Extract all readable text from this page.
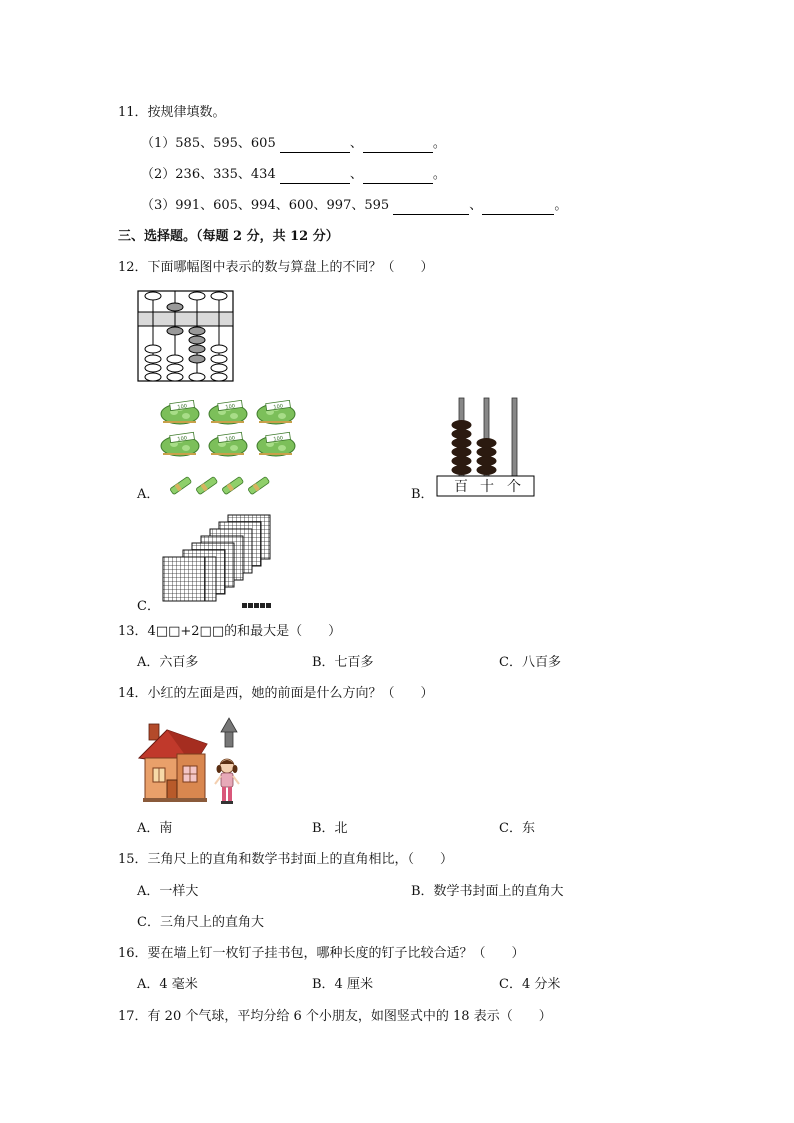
11．按规律填数。
（1）585、595、605	、	。
（2）236、335、434	、	。
（3）991、605、994、600、997、595	、	。
三、选择题。（每题 2 分，共 12 分）
12．下面哪幅图中表示的数与算盘上的不同？（　　）
A．	B． 百 十 个
C．
13．4□□+2□□的和最大是（　　）
A．六百多	B．七百多	C．八百多
14．小红的左面是西，她的前面是什么方向？（　　）
A．南	B．北	C．东
15．三角尺上的直角和数学书封面上的直角相比，（　　）
A．一样大	B．数学书封面上的直角大
C．三角尺上的直角大
16．要在墙上钉一枚钉子挂书包，哪种长度的钉子比较合适？（　　）
A．4 毫米	B．4 厘米	C．4 分米
17．有 20 个气球，平均分给 6 个小朋友，如图竖式中的 18 表示（　　）
